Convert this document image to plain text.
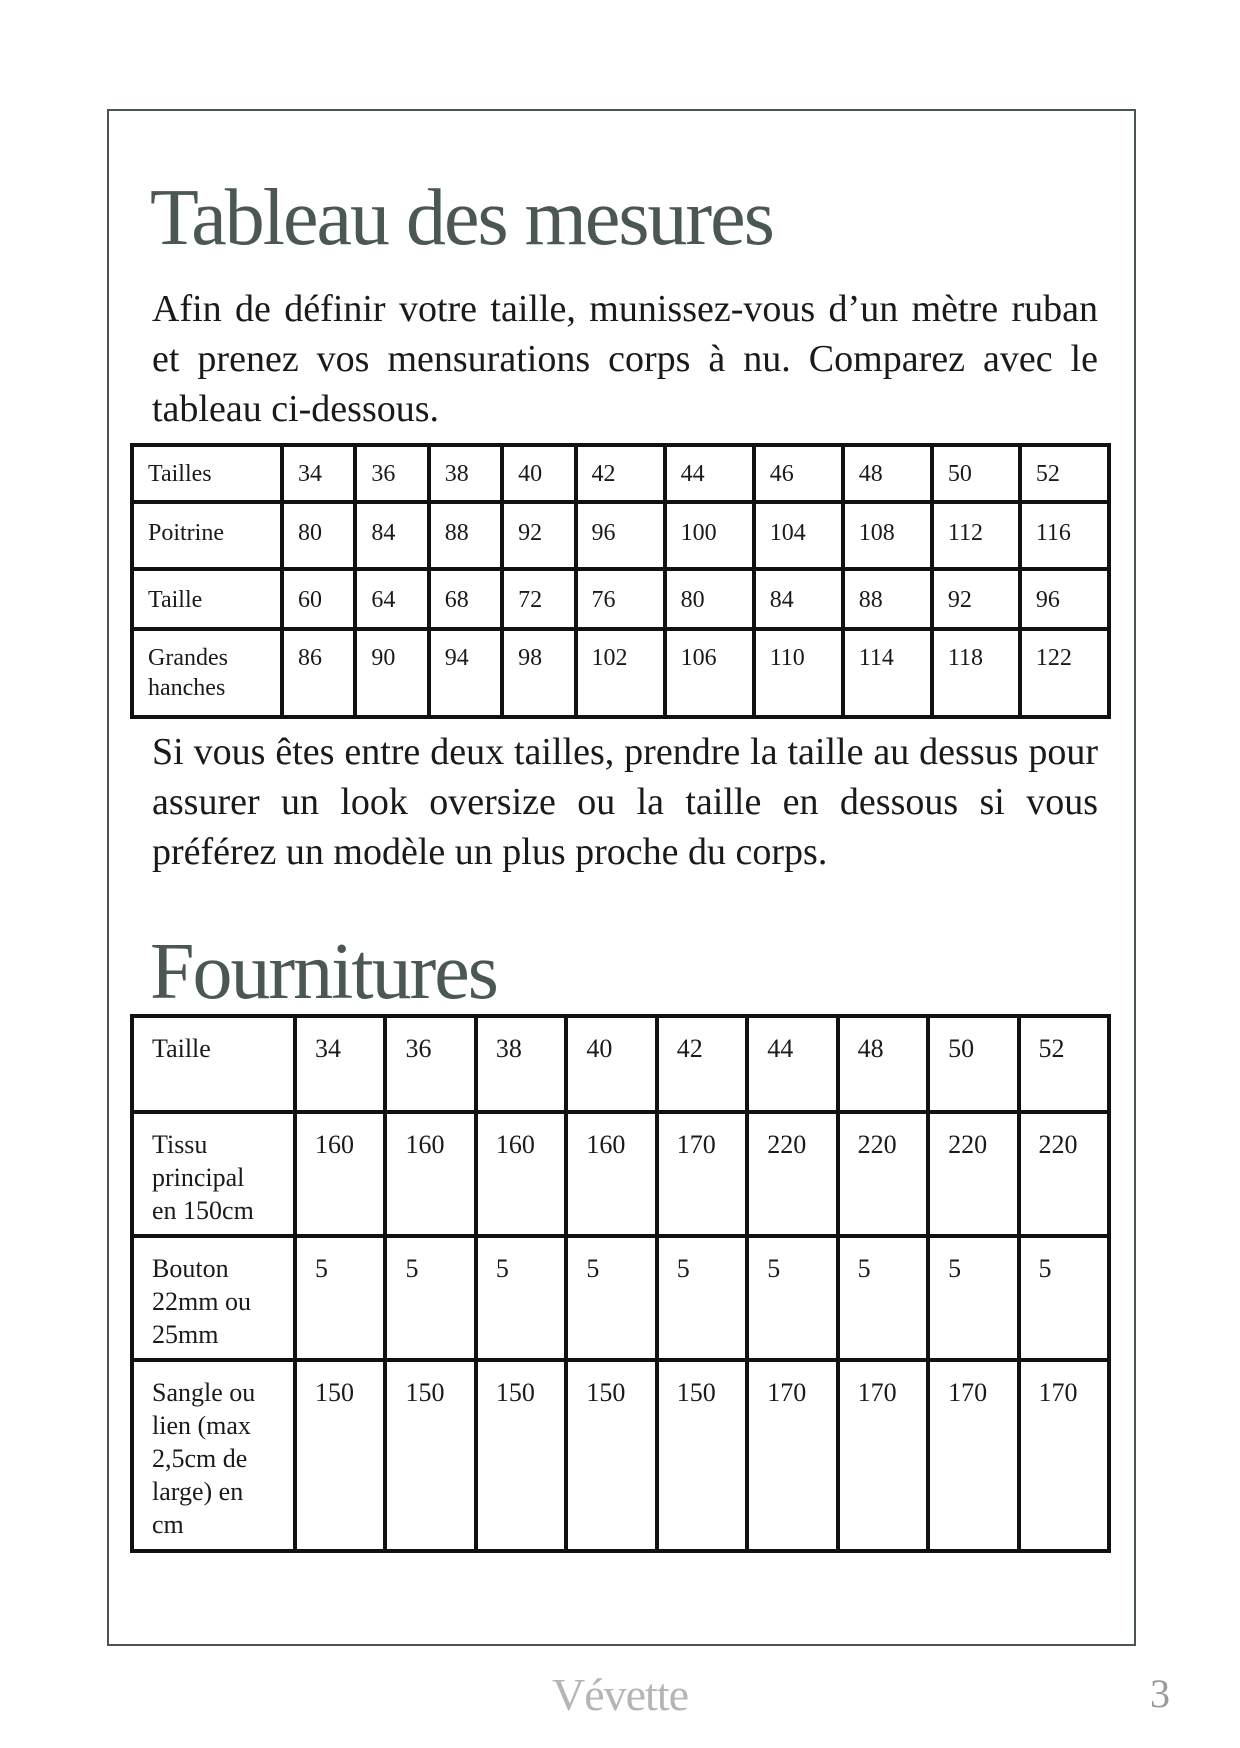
Tableau des mesures

Afin de définir votre taille, munissez-vous d’un mètre ruban et prenez vos mensurations corps à nu. Comparez avec le tableau ci-dessous.

Tailles	34	36	38	40	42	44	46	48	50	52
Poitrine	80	84	88	92	96	100	104	108	112	116
Taille	60	64	68	72	76	80	84	88	92	96
Grandes hanches	86	90	94	98	102	106	110	114	118	122

Si vous êtes entre deux tailles, prendre la taille au dessus pour assurer un look oversize ou la taille en dessous si vous préférez un modèle un plus proche du corps.

Fournitures
Taille	34	36	38	40	42	44	48	50	52
Tissu principal en 150cm	160	160	160	160	170	220	220	220	220
Bouton 22mm ou 25mm	5	5	5	5	5	5	5	5	5
Sangle ou lien (max 2,5cm de large) en cm	150	150	150	150	150	170	170	170	170
Vévette	3
